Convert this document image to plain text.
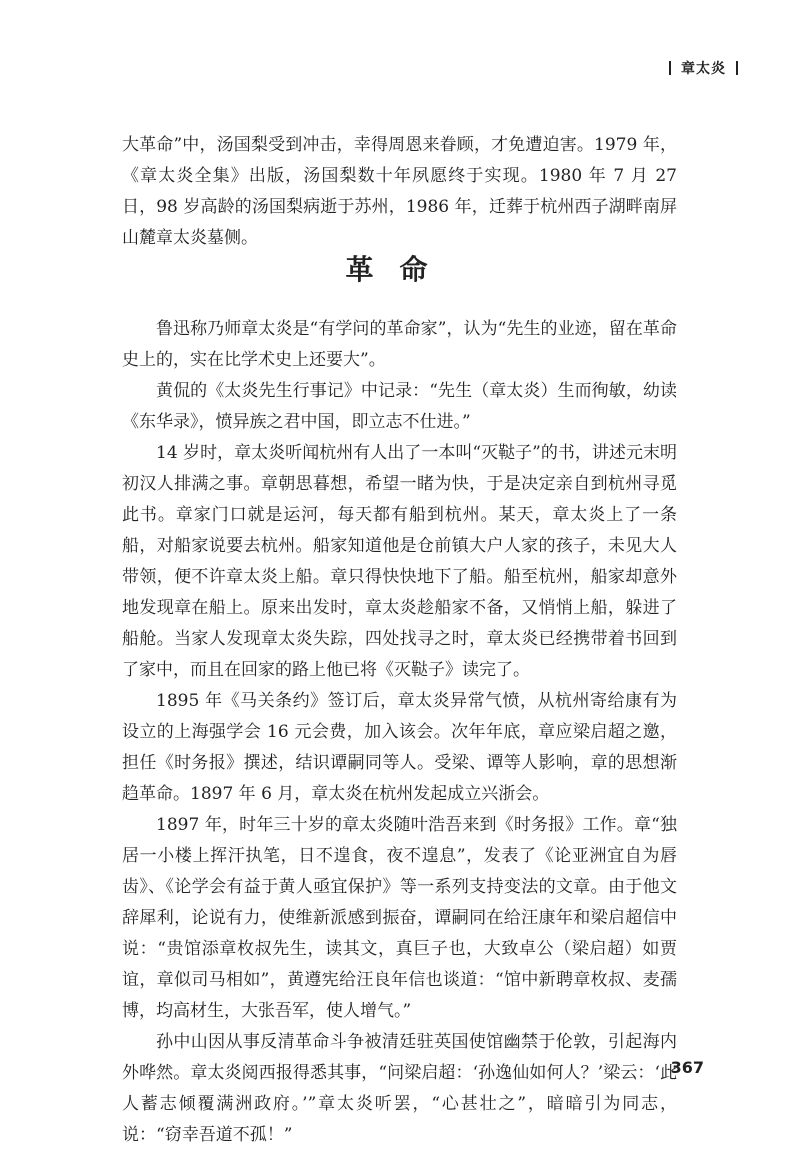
章太炎

大革命”中，汤国梨受到冲击，幸得周恩来眷顾，才免遭迫害。1979 年，《章太炎全集》出版，汤国梨数十年夙愿终于实现。1980 年 7 月 27 日，98 岁高龄的汤国梨病逝于苏州，1986 年，迁葬于杭州西子湖畔南屏山麓章太炎墓侧。

革命

鲁迅称乃师章太炎是“有学问的革命家”，认为“先生的业迹，留在革命史上的，实在比学术史上还要大”。

黄侃的《太炎先生行事记》中记录：“先生（章太炎）生而徇敏，幼读《东华录》，愤异族之君中国，即立志不仕进。”

14 岁时，章太炎听闻杭州有人出了一本叫“灭鞑子”的书，讲述元末明初汉人排满之事。章朝思暮想，希望一睹为快，于是决定亲自到杭州寻觅此书。章家门口就是运河，每天都有船到杭州。某天，章太炎上了一条船，对船家说要去杭州。船家知道他是仓前镇大户人家的孩子，未见大人带领，便不许章太炎上船。章只得快快地下了船。船至杭州，船家却意外地发现章在船上。原来出发时，章太炎趁船家不备，又悄悄上船，躲进了船舱。当家人发现章太炎失踪，四处找寻之时，章太炎已经携带着书回到了家中，而且在回家的路上他已将《灭鞑子》读完了。

1895 年《马关条约》签订后，章太炎异常气愤，从杭州寄给康有为设立的上海强学会 16 元会费，加入该会。次年年底，章应梁启超之邀，担任《时务报》撰述，结识谭嗣同等人。受梁、谭等人影响，章的思想渐趋革命。1897 年 6 月，章太炎在杭州发起成立兴浙会。

1897 年，时年三十岁的章太炎随叶浩吾来到《时务报》工作。章“独居一小楼上挥汗执笔，日不遑食，夜不遑息”，发表了《论亚洲宜自为唇齿》、《论学会有益于黄人亟宜保护》等一系列支持变法的文章。由于他文辞犀利，论说有力，使维新派感到振奋，谭嗣同在给汪康年和梁启超信中说：“贵馆添章枚叔先生，读其文，真巨子也，大致卓公（梁启超）如贾谊，章似司马相如”，黄遵宪给汪良年信也谈道：“馆中新聘章枚叔、麦孺博，均高材生，大张吾军，使人增气。”

孙中山因从事反清革命斗争被清廷驻英国使馆幽禁于伦敦，引起海内外哗然。章太炎阅西报得悉其事，“问梁启超：‘孙逸仙如何人？’梁云：‘此人蓄志倾覆满洲政府。’”章太炎听罢，“心甚壮之”，暗暗引为同志，说：“窃幸吾道不孤！”

367
